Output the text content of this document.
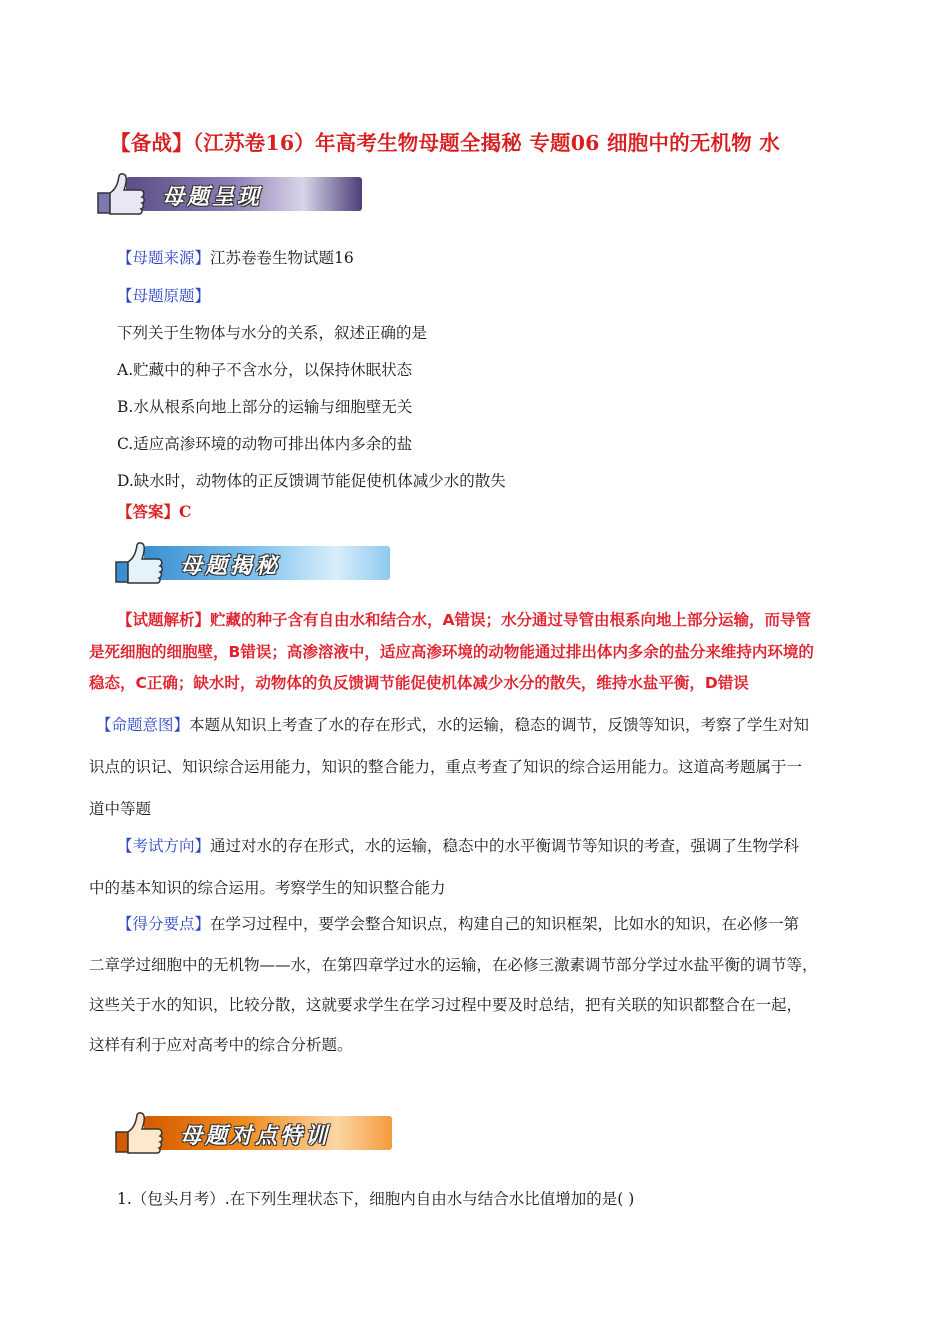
【备战】（江苏卷16）年高考生物母题全揭秘 专题06 细胞中的无机物 水
母题呈现
【母题来源】江苏卷卷生物试题16
【母题原题】
下列关于生物体与水分的关系，叙述正确的是
A.贮藏中的种子不含水分，以保持休眠状态
B.水从根系向地上部分的运输与细胞壁无关
C.适应高渗环境的动物可排出体内多余的盐
D.缺水时，动物体的正反馈调节能促使机体减少水的散失
【答案】C
母题揭秘
【试题解析】贮藏的种子含有自由水和结合水，A错误；水分通过导管由根系向地上部分运输，而导管
是死细胞的细胞壁，B错误；高渗溶液中，适应高渗环境的动物能通过排出体内多余的盐分来维持内环境的
稳态，C正确；缺水时，动物体的负反馈调节能促使机体减少水分的散失，维持水盐平衡，D错误
【命题意图】本题从知识上考查了水的存在形式，水的运输，稳态的调节，反馈等知识，考察了学生对知
识点的识记、知识综合运用能力，知识的整合能力，重点考查了知识的综合运用能力。这道高考题属于一
道中等题
【考试方向】通过对水的存在形式，水的运输，稳态中的水平衡调节等知识的考查，强调了生物学科
中的基本知识的综合运用。考察学生的知识整合能力
【得分要点】在学习过程中，要学会整合知识点，构建自己的知识框架，比如水的知识，在必修一第
二章学过细胞中的无机物——水，在第四章学过水的运输，在必修三激素调节部分学过水盐平衡的调节等，
这些关于水的知识，比较分散，这就要求学生在学习过程中要及时总结，把有关联的知识都整合在一起，
这样有利于应对高考中的综合分析题。
母题对点特训
1.（包头月考）.在下列生理状态下，细胞内自由水与结合水比值增加的是( )
